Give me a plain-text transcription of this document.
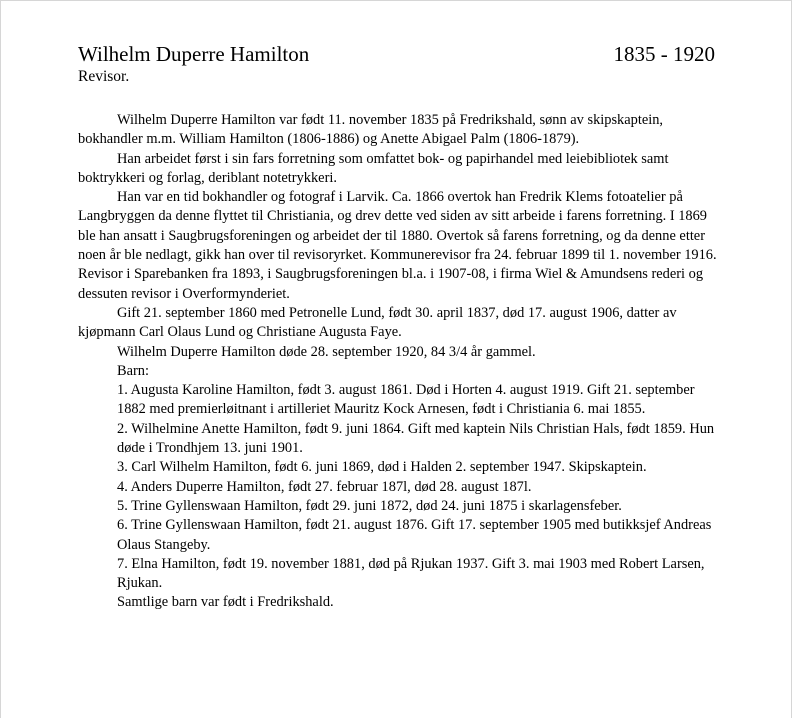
Wilhelm Duperre Hamilton	1835 - 1920
Revisor.

Wilhelm Duperre Hamilton var født 11. november 1835 på Fredrikshald, sønn av skipskaptein, bokhandler m.m. William Hamilton (1806-1886) og Anette Abigael Palm (1806-1879).

Han arbeidet først i sin fars forretning som omfattet bok- og papirhandel med leiebibliotek samt boktrykkeri og forlag, deriblant notetrykkeri.

Han var en tid bokhandler og fotograf i Larvik. Ca. 1866 overtok han Fredrik Klems fotoatelier på Langbryggen da denne flyttet til Christiania, og drev dette ved siden av sitt arbeide i farens forretning. I 1869 ble han ansatt i Saugbrugsforeningen og arbeidet der til 1880. Overtok så farens forretning, og da denne etter noen år ble nedlagt, gikk han over til revisoryrket. Kommunerevisor fra 24. februar 1899 til 1. november 1916. Revisor i Sparebanken fra 1893, i Saugbrugsforeningen bl.a. i 1907-08, i firma Wiel & Amundsens rederi og dessuten revisor i Overformynderiet.

Gift 21. september 1860 med Petronelle Lund, født 30. april 1837, død 17. august 1906, datter av kjøpmann Carl Olaus Lund og Christiane Augusta Faye.

Wilhelm Duperre Hamilton døde 28. september 1920, 84 3/4 år gammel.

Barn:

1. Augusta Karoline Hamilton, født 3. august 1861. Død i Horten 4. august 1919. Gift 21. september 1882 med premierløitnant i artilleriet Mauritz Kock Arnesen, født i Christiania 6. mai 1855.
2. Wilhelmine Anette Hamilton, født 9. juni 1864. Gift med kaptein Nils Christian Hals, født 1859. Hun døde i Trondhjem 13. juni 1901.
3. Carl Wilhelm Hamilton, født 6. juni 1869, død i Halden 2. september 1947. Skipskaptein.
4. Anders Duperre Hamilton, født 27. februar 187l, død 28. august 187l.
5. Trine Gyllenswaan Hamilton, født 29. juni 1872, død 24. juni 1875 i skarlagensfeber.
6. Trine Gyllenswaan Hamilton, født 21. august 1876. Gift 17. september 1905 med butikksjef Andreas Olaus Stangeby.
7. Elna Hamilton, født 19. november 1881, død på Rjukan 1937. Gift 3. mai 1903 med Robert Larsen, Rjukan.
Samtlige barn var født i Fredrikshald.
